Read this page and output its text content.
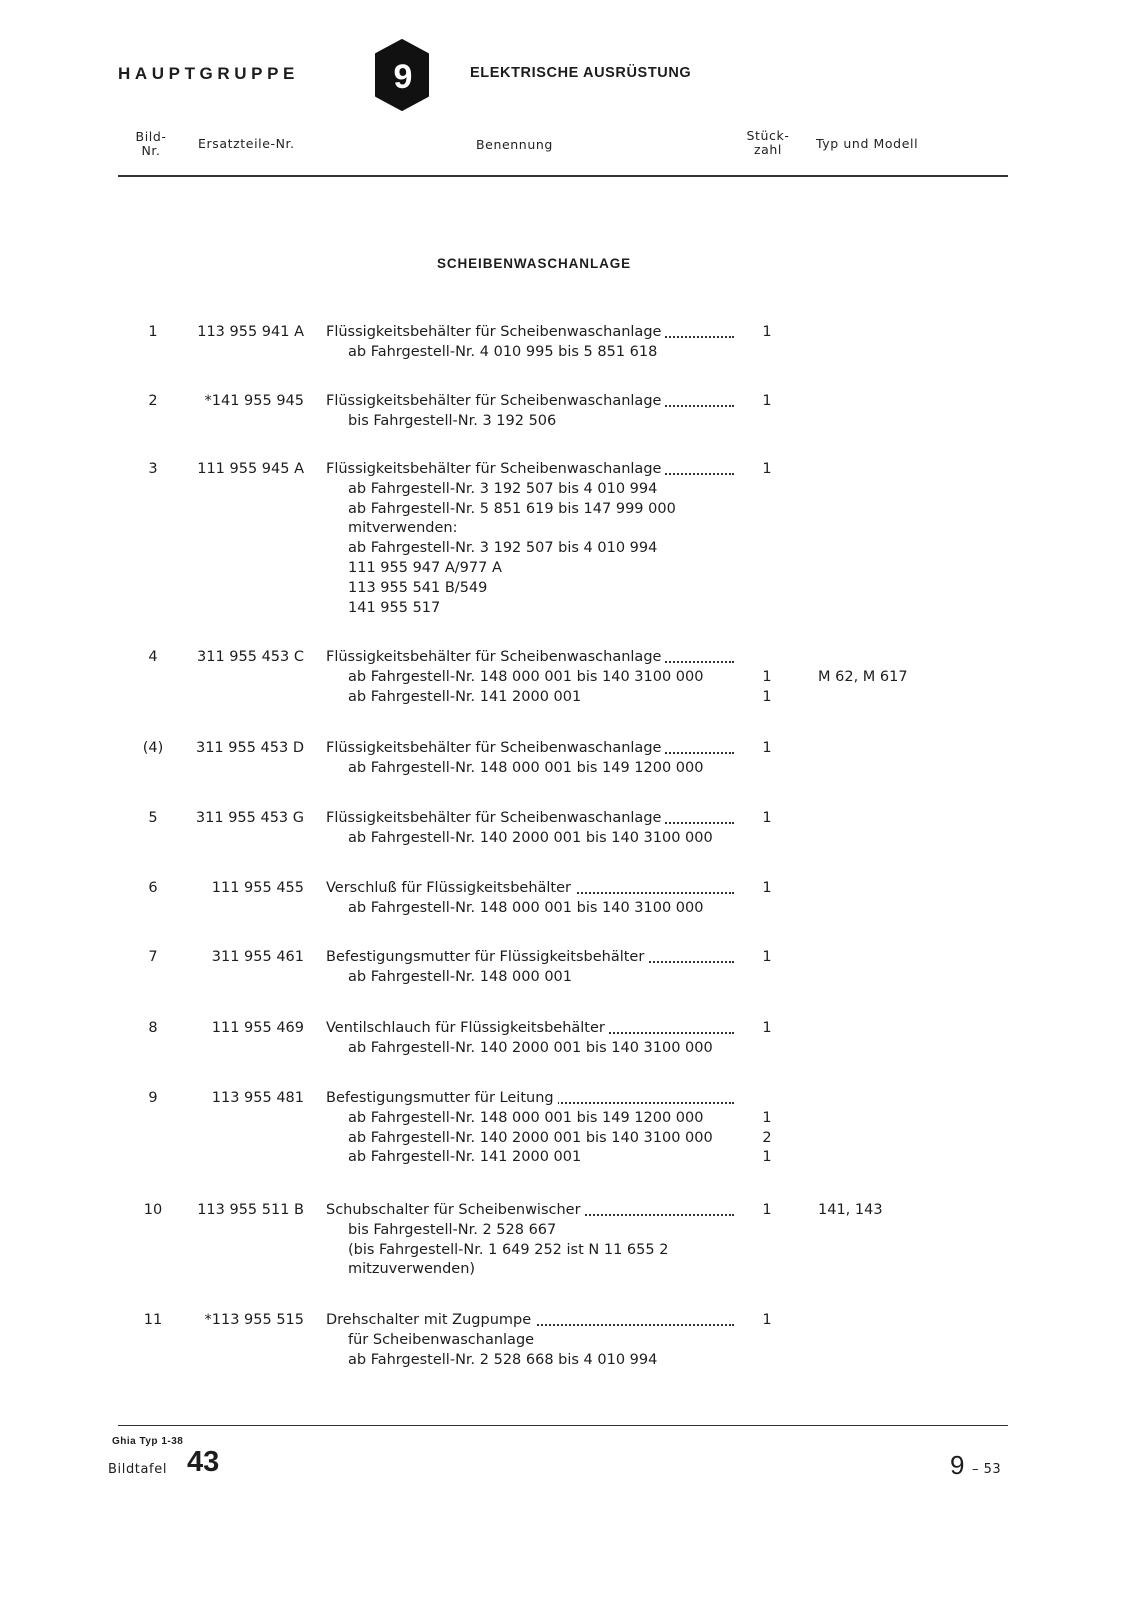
HAUPTGRUPPE	9	ELEKTRISCHE AUSRÜSTUNG
Bild-
Nr.	Ersatzteile-Nr.	Benennung
Stück-
zahl	Typ und Modell
SCHEIBENWASCHANLAGE
1	113 955 941 A Flüssigkeitsbehälter für Scheibenwaschanlage	1
ab Fahrgestell-Nr. 4 010 995 bis 5 851 618
2	*141 955 945 Flüssigkeitsbehälter für Scheibenwaschanlage	1
bis Fahrgestell-Nr. 3 192 506
3	111 955 945 A Flüssigkeitsbehälter für Scheibenwaschanlage	1
ab Fahrgestell-Nr. 3 192 507 bis 4 010 994
ab Fahrgestell-Nr. 5 851 619 bis 147 999 000
mitverwenden:
ab Fahrgestell-Nr. 3 192 507 bis 4 010 994
111 955 947 A/977 A
113 955 541 B/549
141 955 517
4	311 955 453 C Flüssigkeitsbehälter für Scheibenwaschanlage
ab Fahrgestell-Nr. 148 000 001 bis 140 3100 000	1	M 62, M 617
ab Fahrgestell-Nr. 141 2000 001	1
(4)	311 955 453 D Flüssigkeitsbehälter für Scheibenwaschanlage	1
ab Fahrgestell-Nr. 148 000 001 bis 149 1200 000
5	311 955 453 G Flüssigkeitsbehälter für Scheibenwaschanlage	1
ab Fahrgestell-Nr. 140 2000 001 bis 140 3100 000
6	111 955 455 Verschluß für Flüssigkeitsbehälter	1
ab Fahrgestell-Nr. 148 000 001 bis 140 3100 000
7	311 955 461 Befestigungsmutter für Flüssigkeitsbehälter	1
ab Fahrgestell-Nr. 148 000 001
8	111 955 469 Ventilschlauch für Flüssigkeitsbehälter	1
ab Fahrgestell-Nr. 140 2000 001 bis 140 3100 000
9	113 955 481 Befestigungsmutter für Leitung
ab Fahrgestell-Nr. 148 000 001 bis 149 1200 000	1
ab Fahrgestell-Nr. 140 2000 001 bis 140 3100 000	2
ab Fahrgestell-Nr. 141 2000 001	1
10	113 955 511 B Schubschalter für Scheibenwischer	1	141, 143
bis Fahrgestell-Nr. 2 528 667
(bis Fahrgestell-Nr. 1 649 252 ist N 11 655 2
mitzuverwenden)
11	*113 955 515 Drehschalter mit Zugpumpe	1
für Scheibenwaschanlage
ab Fahrgestell-Nr. 2 528 668 bis 4 010 994
Ghia Typ 1-38
Bildtafel 43	9 – 53
